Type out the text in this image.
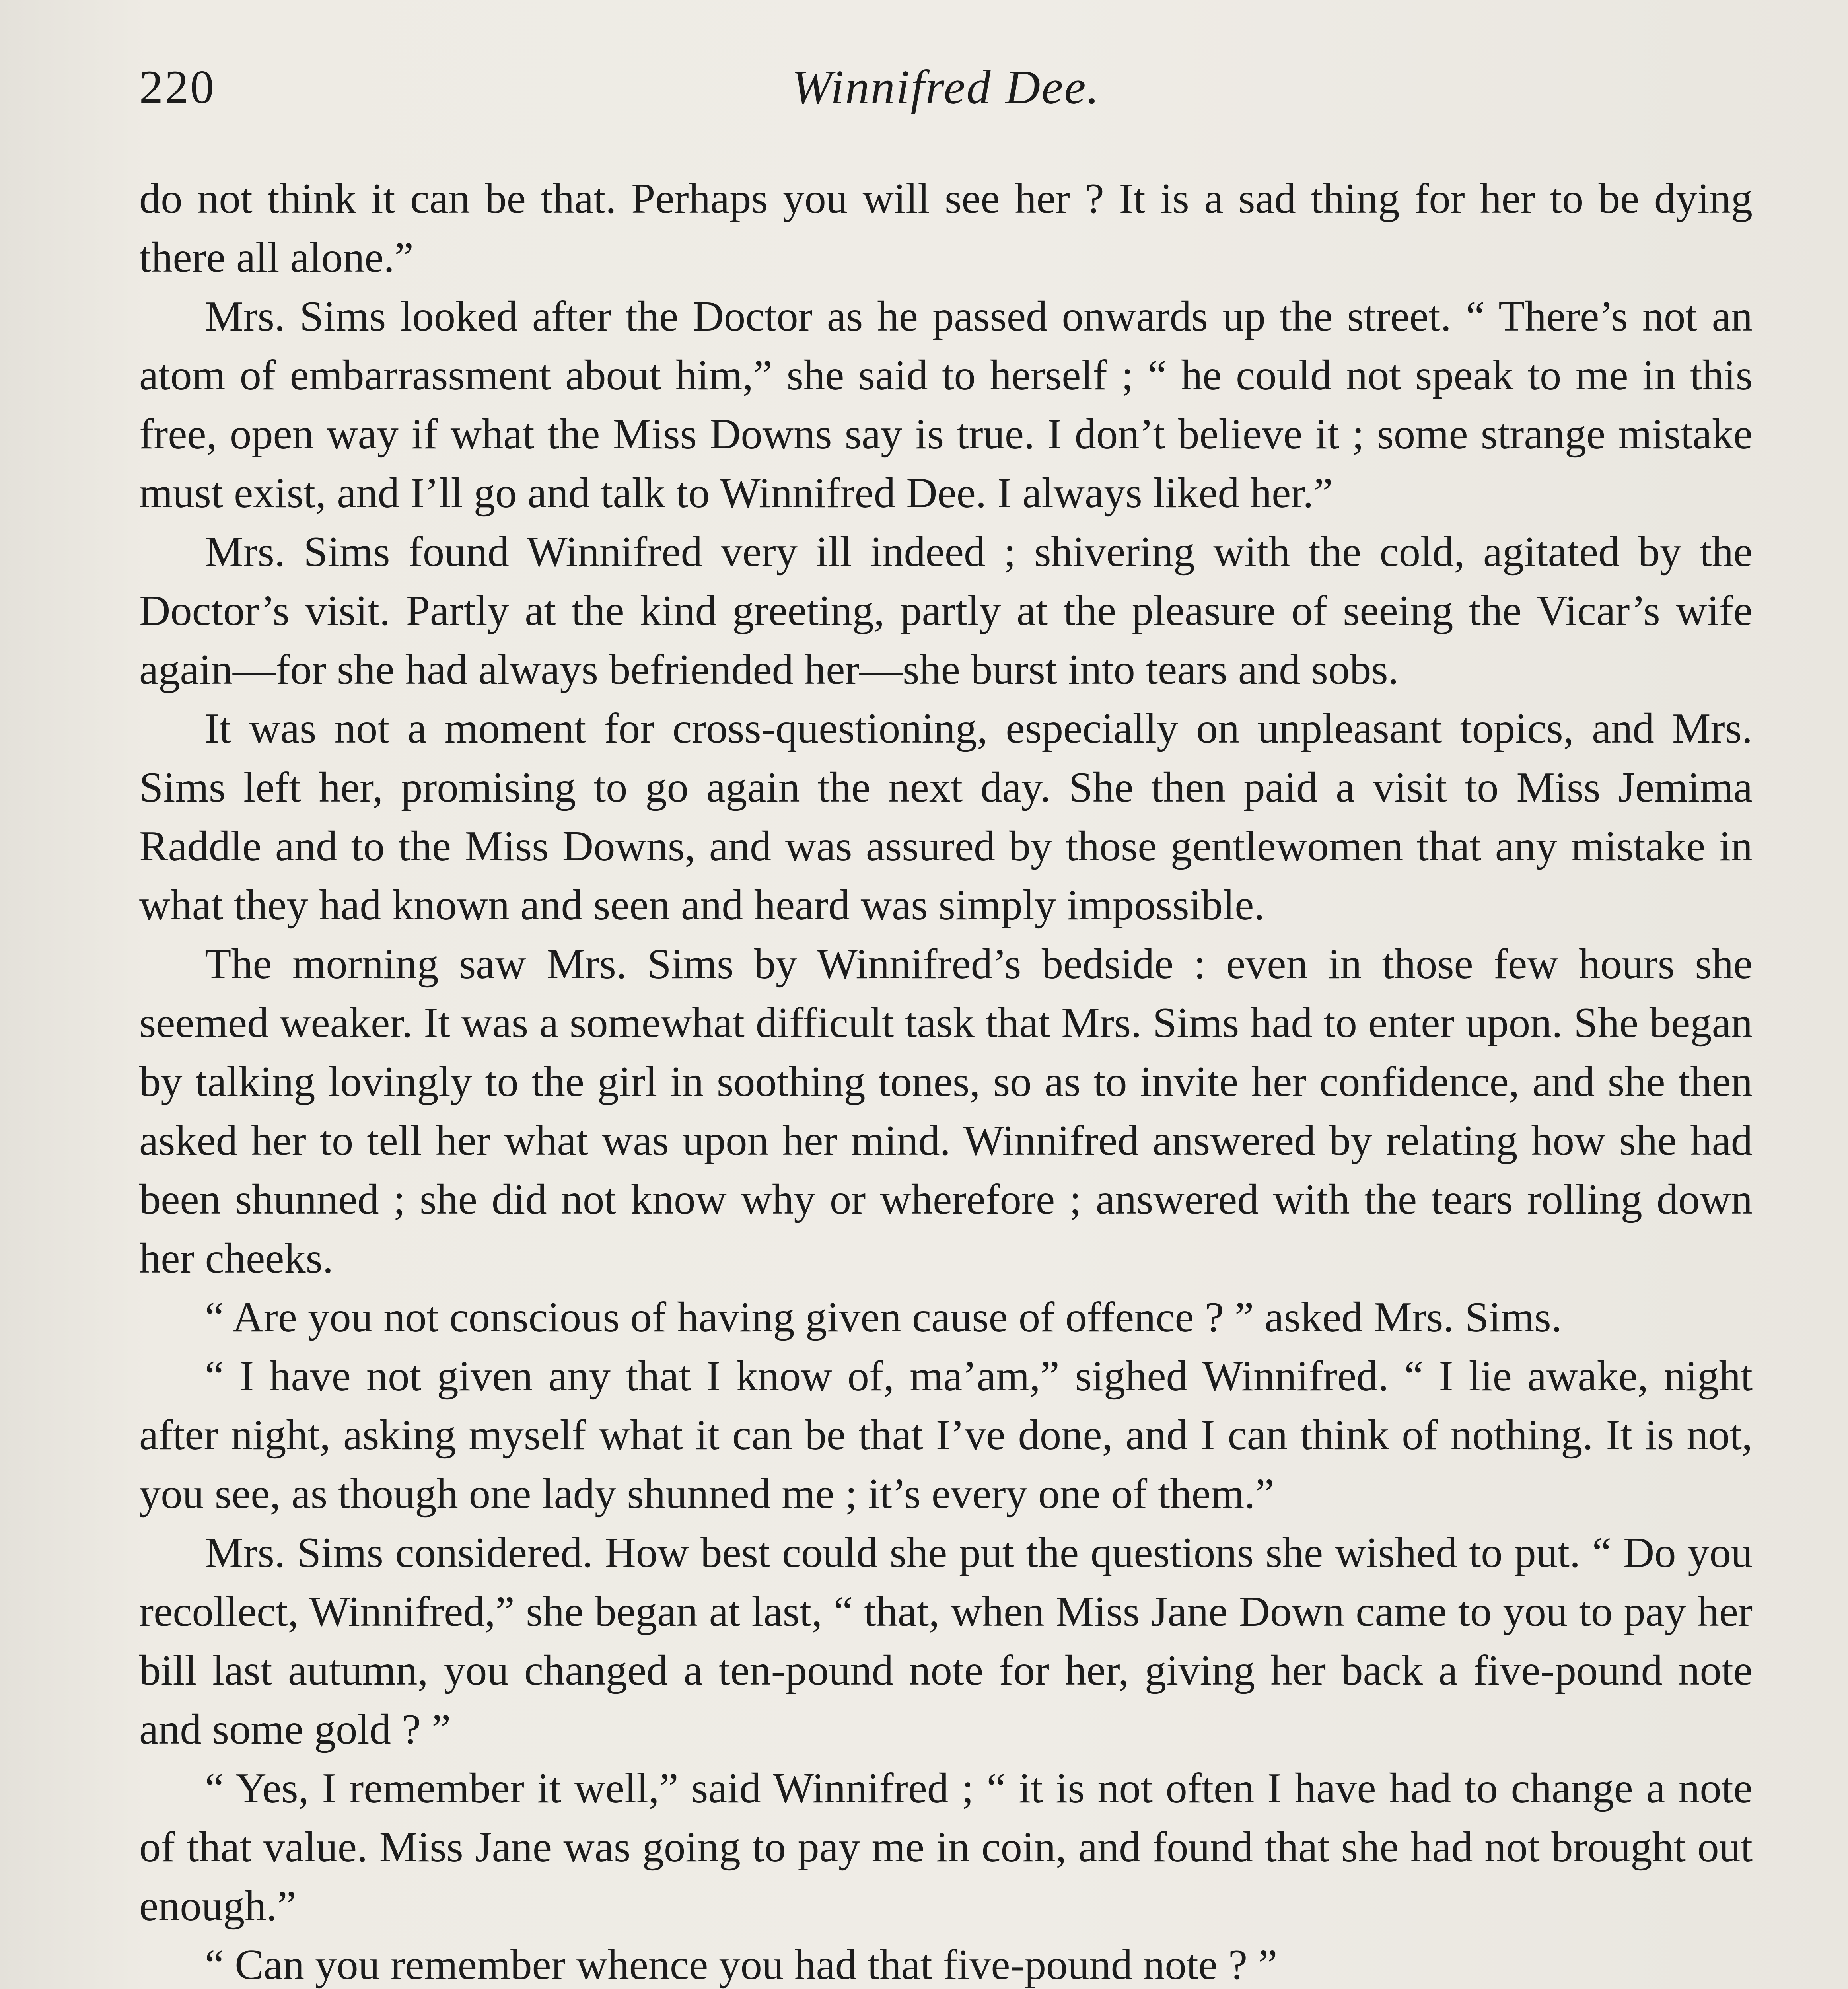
220	Winnifred Dee.

do not think it can be that. Perhaps you will see her ? It is a sad thing for her to be dying there all alone.”

Mrs. Sims looked after the Doctor as he passed onwards up the street. “ There’s not an atom of embarrassment about him,” she said to herself ; “ he could not speak to me in this free, open way if what the Miss Downs say is true. I don’t believe it ; some strange mistake must exist, and I’ll go and talk to Winnifred Dee. I always liked her.”

Mrs. Sims found Winnifred very ill indeed ; shivering with the cold, agitated by the Doctor’s visit. Partly at the kind greeting, partly at the pleasure of seeing the Vicar’s wife again—for she had always befriended her—she burst into tears and sobs.

It was not a moment for cross-questioning, especially on unpleasant topics, and Mrs. Sims left her, promising to go again the next day. She then paid a visit to Miss Jemima Raddle and to the Miss Downs, and was assured by those gentlewomen that any mistake in what they had known and seen and heard was simply impossible.

The morning saw Mrs. Sims by Winnifred’s bedside : even in those few hours she seemed weaker. It was a somewhat difficult task that Mrs. Sims had to enter upon. She began by talking lovingly to the girl in soothing tones, so as to invite her confidence, and she then asked her to tell her what was upon her mind. Winnifred answered by relating how she had been shunned ; she did not know why or wherefore ; answered with the tears rolling down her cheeks.

“ Are you not conscious of having given cause of offence ? ” asked Mrs. Sims.

“ I have not given any that I know of, ma’am,” sighed Winnifred. “ I lie awake, night after night, asking myself what it can be that I’ve done, and I can think of nothing. It is not, you see, as though one lady shunned me ; it’s every one of them.”

Mrs. Sims considered. How best could she put the questions she wished to put. “ Do you recollect, Winnifred,” she began at last, “ that, when Miss Jane Down came to you to pay her bill last autumn, you changed a ten-pound note for her, giving her back a five-pound note and some gold ? ”

“ Yes, I remember it well,” said Winnifred ; “ it is not often I have had to change a note of that value. Miss Jane was going to pay me in coin, and found that she had not brought out enough.”

“ Can you remember whence you had that five-pound note ? ”
